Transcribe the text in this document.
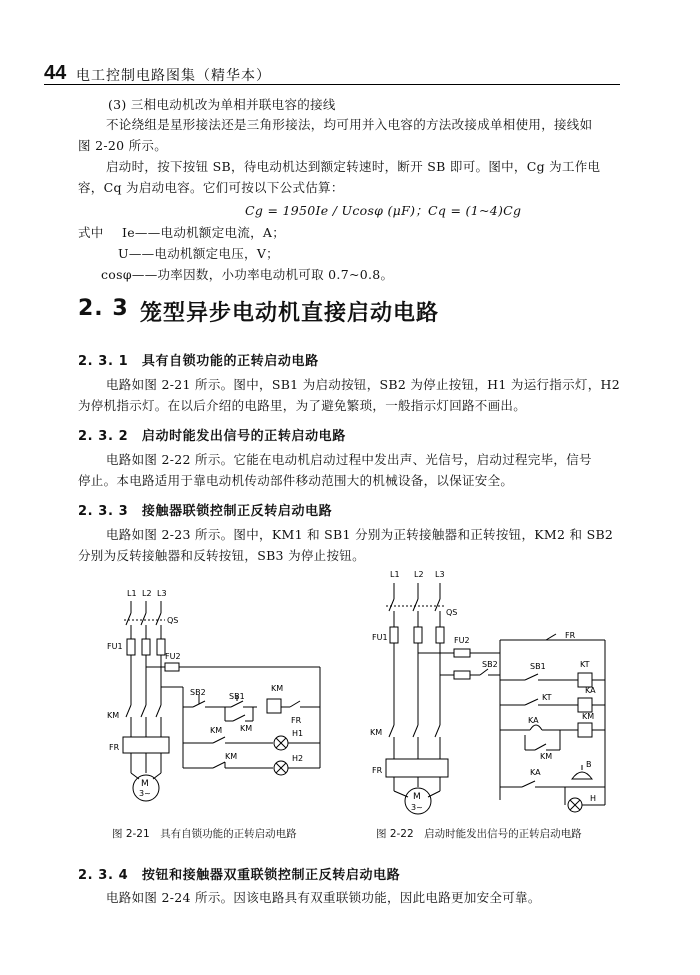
44 电工控制电路图集（精华本）
(3) 三相电动机改为单相并联电容的接线
不论绕组是星形接法还是三角形接法，均可用并入电容的方法改接成单相使用，接线如
图 2-20 所示。
启动时，按下按钮 SB，待电动机达到额定转速时，断开 SB 即可。图中，Cg 为工作电
容，Cq 为启动电容。它们可按以下公式估算：
Cg = 1950Ie / Ucosφ (μF)；Cq = (1~4)Cg
式中 Ie——电动机额定电流，A；
U——电动机额定电压，V；
cosφ——功率因数，小功率电动机可取 0.7~0.8。
2. 3 笼型异步电动机直接启动电路
2. 3. 1　具有自锁功能的正转启动电路
电路如图 2-21 所示。图中，SB1 为启动按钮，SB2 为停止按钮，H1 为运行指示灯，H2
为停机指示灯。在以后介绍的电路里，为了避免繁琐，一般指示灯回路不画出。
2. 3. 2　启动时能发出信号的正转启动电路
电路如图 2-22 所示。它能在电动机启动过程中发出声、光信号，启动过程完毕，信号
停止。本电路适用于靠电动机传动部件移动范围大的机械设备，以保证安全。
2. 3. 3　接触器联锁控制正反转启动电路
电路如图 2-23 所示。图中，KM1 和 SB1 分别为正转接触器和正转按钮，KM2 和 SB2
分别为反转接触器和反转按钮，SB3 为停止按钮。
L1 L2 L3
QS
FU1
FU2
SB2	SB1
KM
KM
FR
KM	H1
KM	H2
KM
FR
M
3~
图 2-21　具有自锁功能的正转启动电路
L1 L2 L3
QS
FU1	FU2
FR
SB2	SB1	KT
KT
KA
KA	KM
KM
KA
B
H
KM
FR
M
3~
图 2-22　启动时能发出信号的正转启动电路
2. 3. 4　按钮和接触器双重联锁控制正反转启动电路
电路如图 2-24 所示。因该电路具有双重联锁功能，因此电路更加安全可靠。
